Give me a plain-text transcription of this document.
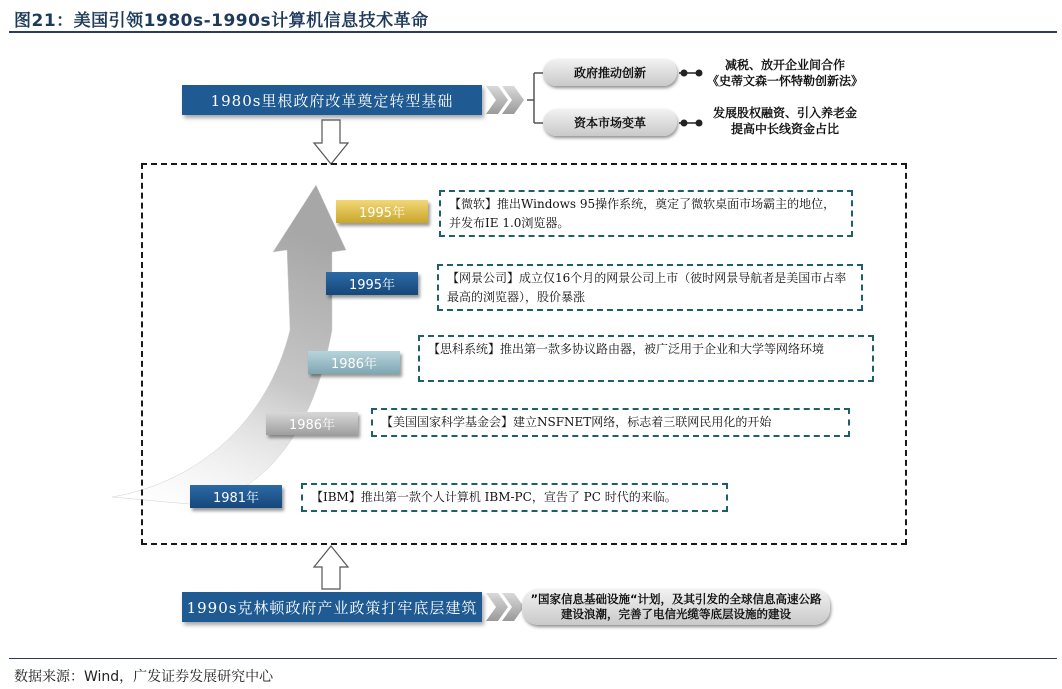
图21：美国引领1980s-1990s计算机信息技术革命
1980s里根政府改革奠定转型基础
政府推动创新
资本市场变革
减税、放开企业间合作
《史蒂文森一怀特勒创新法》
发展股权融资、引入养老金
提高中长线资金占比
1995年
【微软】推出Windows 95操作系统，奠定了微软桌面市场霸主的地位，并发布IE 1.0浏览器。
1995年	【网景公司】成立仅16个月的网景公司上市（彼时网景导航者是美国市占率最高的浏览器），股价暴涨
1986年
【思科系统】推出第一款多协议路由器，被广泛用于企业和大学等网络环境
1986年	【美国国家科学基金会】建立NSFNET网络，标志着三联网民用化的开始
1981年	【IBM】推出第一款个人计算机 IBM-PC，宣告了 PC 时代的来临。
1990s克林顿政府产业政策打牢底层建筑	”国家信息基础设施“计划，及其引发的全球信息高速公路建设浪潮，完善了电信光缆等底层设施的建设
数据来源：Wind，广发证券发展研究中心
